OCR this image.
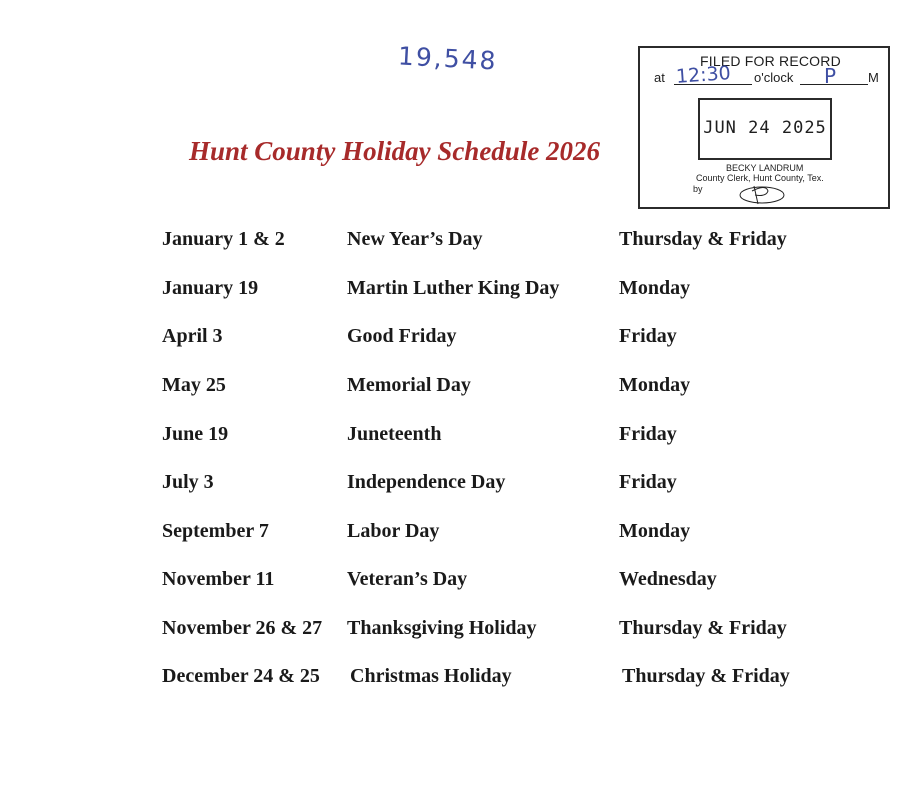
19,548
Hunt County Holiday Schedule 2026
FILED FOR RECORD
at 12:30 o'clock P M
JUN 24 2025
BECKY LANDRUM
County Clerk, Hunt County, Tex.
by
January 1 & 2	New Year’s Day	Thursday & Friday
January 19	Martin Luther King Day	Monday
April 3	Good Friday	Friday
May 25	Memorial Day	Monday
June 19	Juneteenth	Friday
July 3	Independence Day	Friday
September 7	Labor Day	Monday
November 11	Veteran’s Day	Wednesday
November 26 & 27 Thanksgiving Holiday	Thursday & Friday
December 24 & 25 Christmas Holiday	Thursday & Friday
